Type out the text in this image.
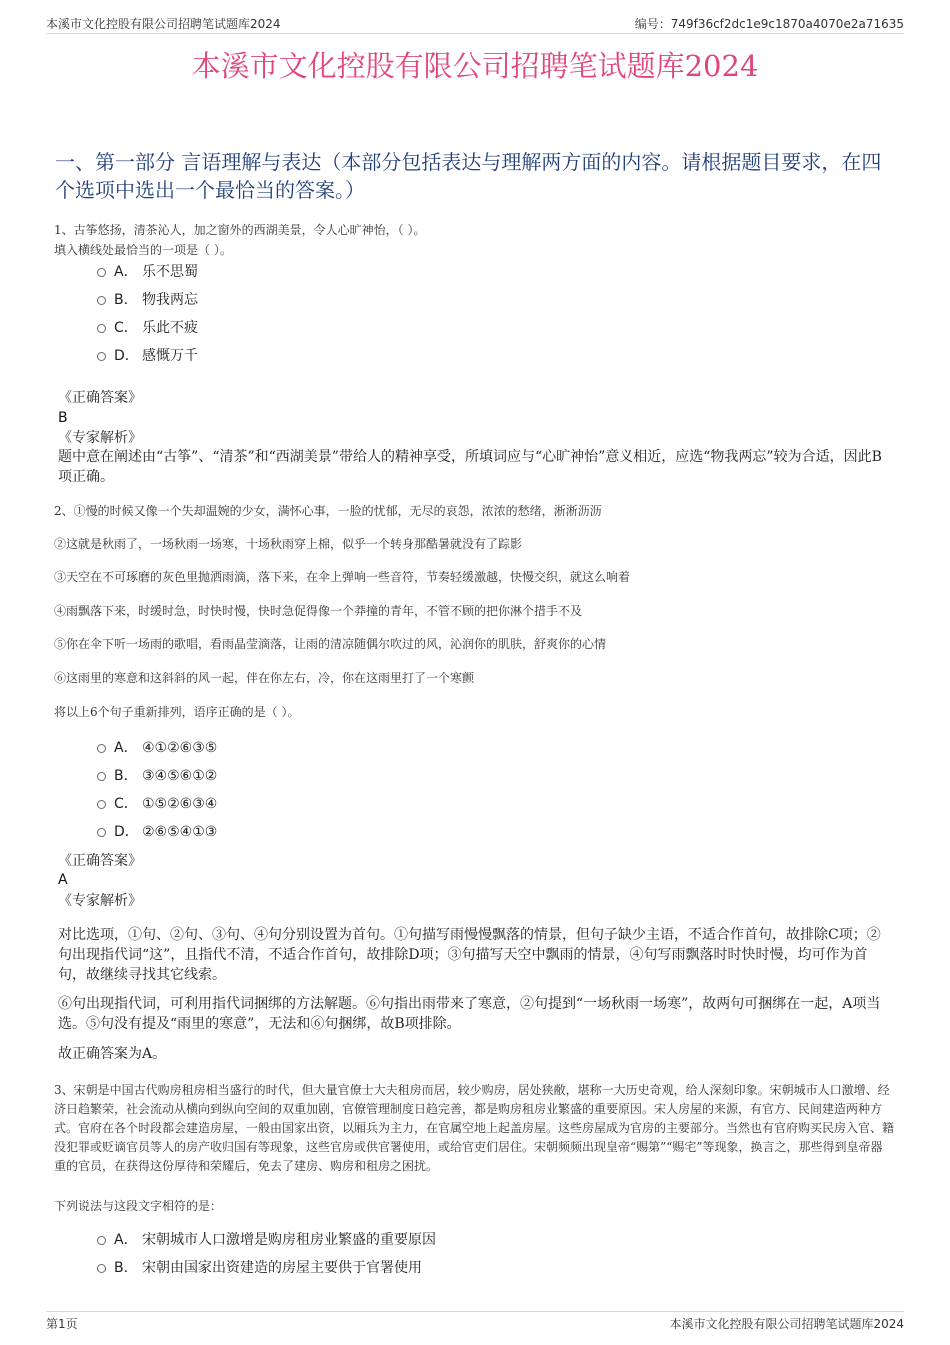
本溪市文化控股有限公司招聘笔试题库2024	编号：749f36cf2dc1e9c1870a4070e2a71635
本溪市文化控股有限公司招聘笔试题库2024
一、第一部分 言语理解与表达（本部分包括表达与理解两方面的内容。请根据题目要求，在四个选项中选出一个最恰当的答案。）
1、古筝悠扬，清茶沁人，加之窗外的西湖美景，令人心旷神怡，（ ）。
填入横线处最恰当的一项是（ ）。
A． 乐不思蜀
B． 物我两忘
C． 乐此不疲
D． 感慨万千
《正确答案》
B
《专家解析》
题中意在阐述由“古筝”、“清茶”和“西湖美景”带给人的精神享受，所填词应与“心旷神怡”意义相近，应选“物我两忘”较为合适，因此B项正确。
2、①慢的时候又像一个失却温婉的少女，满怀心事，一脸的忧郁，无尽的哀怨，浓浓的愁绪，淅淅沥沥
②这就是秋雨了，一场秋雨一场寒，十场秋雨穿上棉，似乎一个转身那酷暑就没有了踪影
③天空在不可琢磨的灰色里抛洒雨滴，落下来，在伞上弹响一些音符，节奏轻缓激越，快慢交织，就这么响着
④雨飘落下来，时缓时急，时快时慢，快时急促得像一个莽撞的青年，不管不顾的把你淋个措手不及
⑤你在伞下听一场雨的歌唱，看雨晶莹滴落，让雨的清凉随偶尔吹过的风，沁润你的肌肤，舒爽你的心情
⑥这雨里的寒意和这斜斜的风一起，伴在你左右，冷，你在这雨里打了一个寒颤
将以上6个句子重新排列，语序正确的是（ ）。
A． ④①②⑥③⑤
B． ③④⑤⑥①②
C． ①⑤②⑥③④
D． ②⑥⑤④①③
《正确答案》
A
《专家解析》
对比选项，①句、②句、③句、④句分别设置为首句。①句描写雨慢慢飘落的情景，但句子缺少主语，不适合作首句，故排除C项；②句出现指代词“这”，且指代不清，不适合作首句，故排除D项；③句描写天空中飘雨的情景，④句写雨飘落时时快时慢，均可作为首句，故继续寻找其它线索。
⑥句出现指代词，可利用指代词捆绑的方法解题。⑥句指出雨带来了寒意，②句提到“一场秋雨一场寒”，故两句可捆绑在一起，A项当选。⑤句没有提及“雨里的寒意”，无法和⑥句捆绑，故B项排除。
故正确答案为A。
3、宋朝是中国古代购房租房相当盛行的时代，但大量官僚士大夫租房而居，较少购房，居处狭敝，堪称一大历史奇观，给人深刻印象。宋朝城市人口激增、经济日趋繁荣，社会流动从横向到纵向空间的双重加剧，官僚管理制度日趋完善，都是购房租房业繁盛的重要原因。宋人房屋的来源，有官方、民间建造两种方式。官府在各个时段都会建造房屋，一般由国家出资，以厢兵为主力，在官属空地上起盖房屋。这些房屋成为官房的主要部分。当然也有官府购买民房入官、籍没犯罪或贬谪官员等人的房产收归国有等现象，这些官房或供官署使用，或给官吏们居住。宋朝频频出现皇帝“赐第”“赐宅”等现象，换言之，那些得到皇帝器重的官员，在获得这份厚待和荣耀后，免去了建房、购房和租房之困扰。
下列说法与这段文字相符的是：
A． 宋朝城市人口激增是购房租房业繁盛的重要原因
B． 宋朝由国家出资建造的房屋主要供于官署使用
第1页	本溪市文化控股有限公司招聘笔试题库2024
